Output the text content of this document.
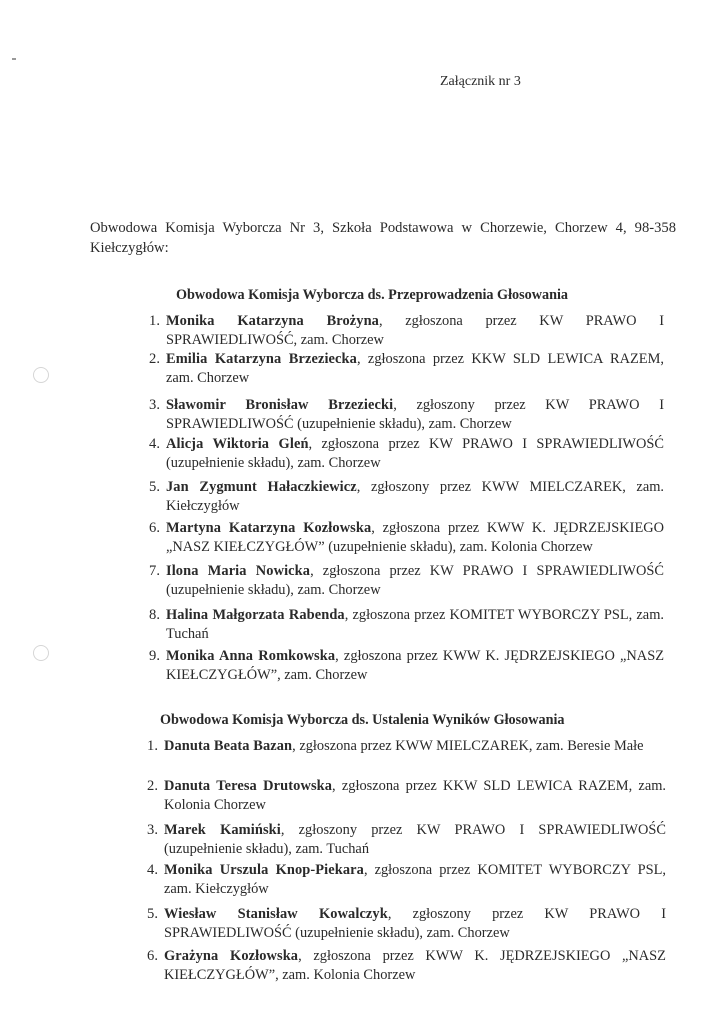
Załącznik nr 3

Obwodowa Komisja Wyborcza Nr 3, Szkoła Podstawowa w Chorzewie, Chorzew 4, 98-358 Kiełczygłów:

Obwodowa Komisja Wyborcza ds. Przeprowadzenia Głosowania
1. Monika Katarzyna Brożyna, zgłoszona przez KW PRAWO I SPRAWIEDLIWOŚĆ, zam. Chorzew
2. Emilia Katarzyna Brzeziecka, zgłoszona przez KKW SLD LEWICA RAZEM, zam. Chorzew
3. Sławomir Bronisław Brzeziecki, zgłoszony przez KW PRAWO I SPRAWIEDLIWOŚĆ (uzupełnienie składu), zam. Chorzew
4. Alicja Wiktoria Gleń, zgłoszona przez KW PRAWO I SPRAWIEDLIWOŚĆ (uzupełnienie składu), zam. Chorzew
5. Jan Zygmunt Hałaczkiewicz, zgłoszony przez KWW MIELCZAREK, zam. Kiełczygłów
6. Martyna Katarzyna Kozłowska, zgłoszona przez KWW K. JĘDRZEJSKIEGO „NASZ KIEŁCZYGŁÓW” (uzupełnienie składu), zam. Kolonia Chorzew
7. Ilona Maria Nowicka, zgłoszona przez KW PRAWO I SPRAWIEDLIWOŚĆ (uzupełnienie składu), zam. Chorzew
8. Halina Małgorzata Rabenda, zgłoszona przez KOMITET WYBORCZY PSL, zam. Tuchań
9. Monika Anna Romkowska, zgłoszona przez KWW K. JĘDRZEJSKIEGO „NASZ KIEŁCZYGŁÓW”, zam. Chorzew
Obwodowa Komisja Wyborcza ds. Ustalenia Wyników Głosowania
1. Danuta Beata Bazan, zgłoszona przez KWW MIELCZAREK, zam. Beresie Małe
2. Danuta Teresa Drutowska, zgłoszona przez KKW SLD LEWICA RAZEM, zam. Kolonia Chorzew
3. Marek Kamiński, zgłoszony przez KW PRAWO I SPRAWIEDLIWOŚĆ (uzupełnienie składu), zam. Tuchań
4. Monika Urszula Knop-Piekara, zgłoszona przez KOMITET WYBORCZY PSL, zam. Kiełczygłów
5. Wiesław Stanisław Kowalczyk, zgłoszony przez KW PRAWO I SPRAWIEDLIWOŚĆ (uzupełnienie składu), zam. Chorzew
6. Grażyna Kozłowska, zgłoszona przez KWW K. JĘDRZEJSKIEGO „NASZ KIEŁCZYGŁÓW”, zam. Kolonia Chorzew
